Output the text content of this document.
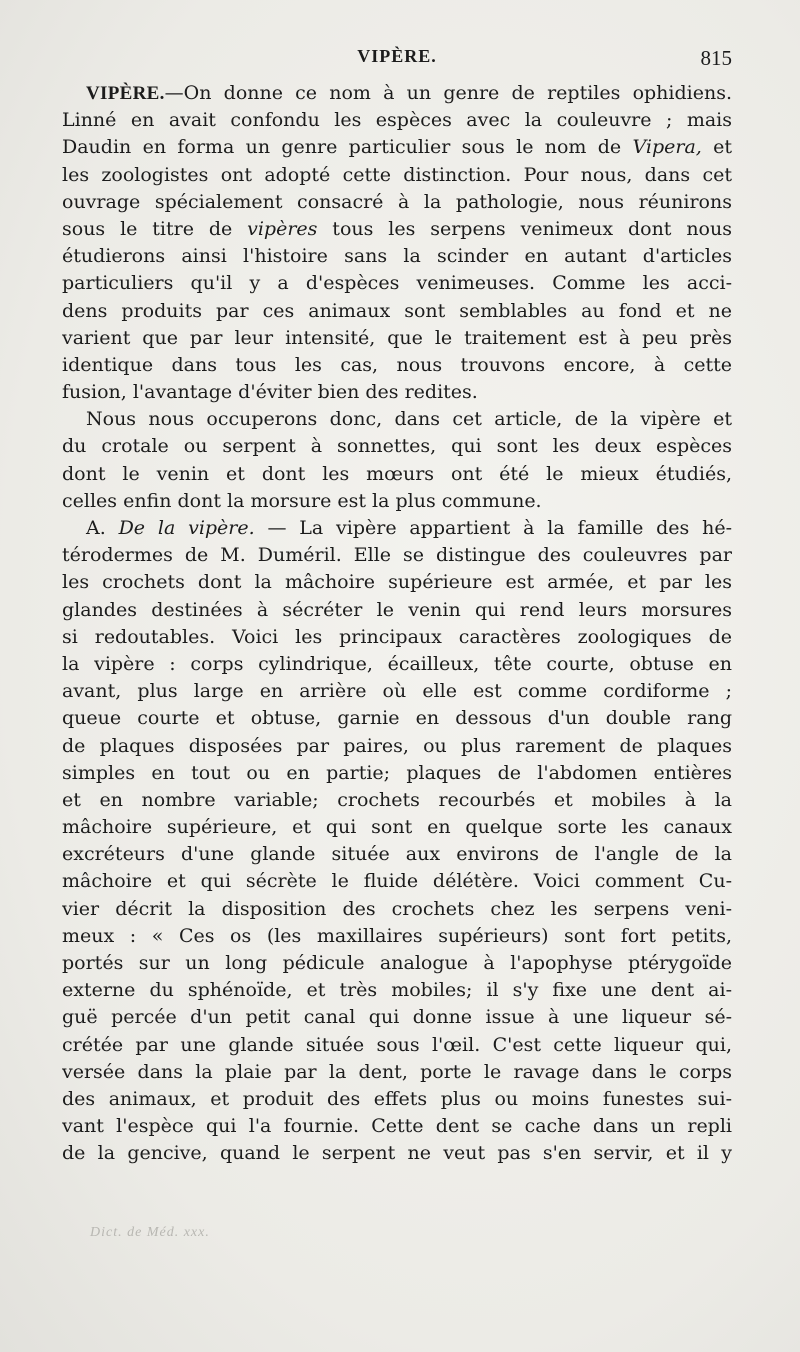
VIPÈRE.	815
VIPÈRE.—On donne ce nom à un genre de reptiles ophidiens.
Linné en avait confondu les espèces avec la couleuvre ; mais
Daudin en forma un genre particulier sous le nom de Vipera, et
les zoologistes ont adopté cette distinction. Pour nous, dans cet
ouvrage spécialement consacré à la pathologie, nous réunirons
sous le titre de vipères tous les serpens venimeux dont nous
étudierons ainsi l'histoire sans la scinder en autant d'articles
particuliers qu'il y a d'espèces venimeuses. Comme les acci-
dens produits par ces animaux sont semblables au fond et ne
varient que par leur intensité, que le traitement est à peu près
identique dans tous les cas, nous trouvons encore, à cette
fusion, l'avantage d'éviter bien des redites.
Nous nous occuperons donc, dans cet article, de la vipère et
du crotale ou serpent à sonnettes, qui sont les deux espèces
dont le venin et dont les mœurs ont été le mieux étudiés,
celles enfin dont la morsure est la plus commune.
A. De la vipère. — La vipère appartient à la famille des hé-
térodermes de M. Duméril. Elle se distingue des couleuvres par
les crochets dont la mâchoire supérieure est armée, et par les
glandes destinées à sécréter le venin qui rend leurs morsures
si redoutables. Voici les principaux caractères zoologiques de
la vipère : corps cylindrique, écailleux, tête courte, obtuse en
avant, plus large en arrière où elle est comme cordiforme ;
queue courte et obtuse, garnie en dessous d'un double rang
de plaques disposées par paires, ou plus rarement de plaques
simples en tout ou en partie; plaques de l'abdomen entières
et en nombre variable; crochets recourbés et mobiles à la
mâchoire supérieure, et qui sont en quelque sorte les canaux
excréteurs d'une glande située aux environs de l'angle de la
mâchoire et qui sécrète le fluide délétère. Voici comment Cu-
vier décrit la disposition des crochets chez les serpens veni-
meux : « Ces os (les maxillaires supérieurs) sont fort petits,
portés sur un long pédicule analogue à l'apophyse ptérygoïde
externe du sphénoïde, et très mobiles; il s'y fixe une dent ai-
guë percée d'un petit canal qui donne issue à une liqueur sé-
crétée par une glande située sous l'œil. C'est cette liqueur qui,
versée dans la plaie par la dent, porte le ravage dans le corps
des animaux, et produit des effets plus ou moins funestes sui-
vant l'espèce qui l'a fournie. Cette dent se cache dans un repli
de la gencive, quand le serpent ne veut pas s'en servir, et il y
Dict. de Méd. xxx.
